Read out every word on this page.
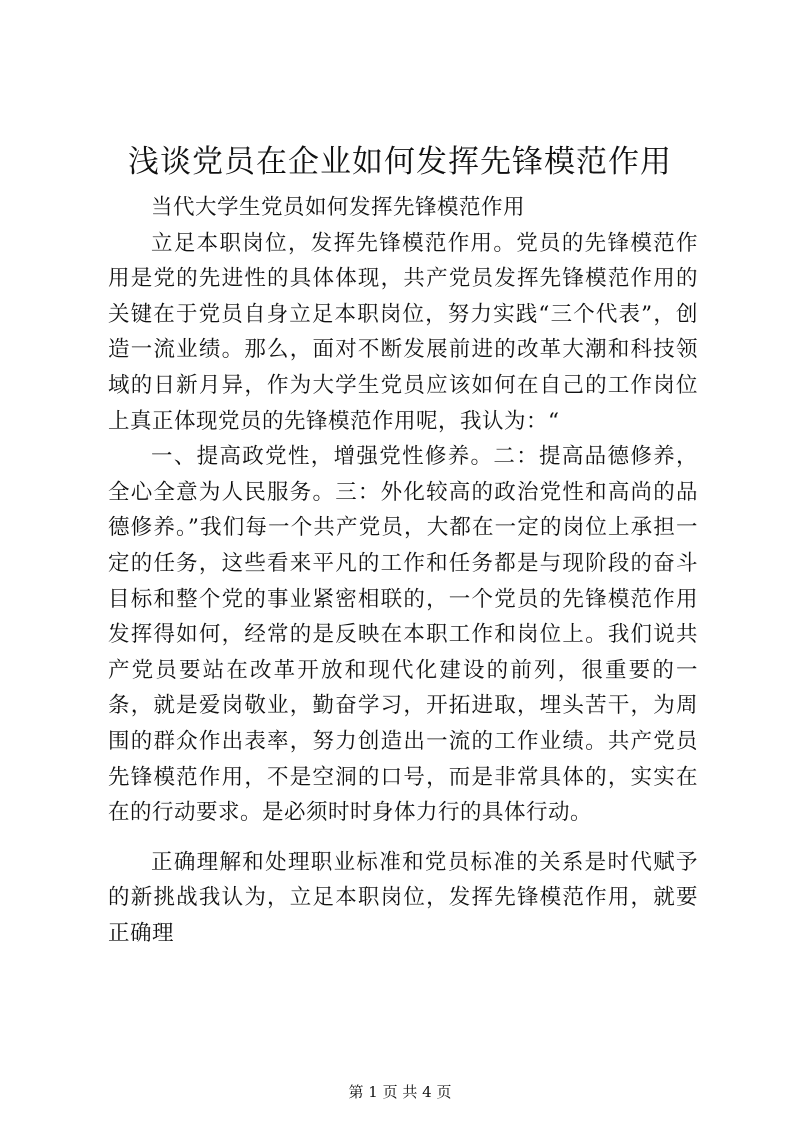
浅谈党员在企业如何发挥先锋模范作用

当代大学生党员如何发挥先锋模范作用

立足本职岗位，发挥先锋模范作用。党员的先锋模范作用是党的先进性的具体体现，共产党员发挥先锋模范作用的关键在于党员自身立足本职岗位，努力实践“三个代表”，创造一流业绩。那么，面对不断发展前进的改革大潮和科技领域的日新月异，作为大学生党员应该如何在自己的工作岗位上真正体现党员的先锋模范作用呢，我认为：“

一、提高政党性，增强党性修养。二：提高品德修养，全心全意为人民服务。三：外化较高的政治党性和高尚的品德修养。”我们每一个共产党员，大都在一定的岗位上承担一定的任务，这些看来平凡的工作和任务都是与现阶段的奋斗目标和整个党的事业紧密相联的，一个党员的先锋模范作用发挥得如何，经常的是反映在本职工作和岗位上。我们说共产党员要站在改革开放和现代化建设的前列，很重要的一条，就是爱岗敬业，勤奋学习，开拓进取，埋头苦干，为周围的群众作出表率，努力创造出一流的工作业绩。共产党员先锋模范作用，不是空洞的口号，而是非常具体的，实实在在的行动要求。是必须时时身体力行的具体行动。

正确理解和处理职业标准和党员标准的关系是时代赋予的新挑战我认为，立足本职岗位，发挥先锋模范作用，就要正确理

第 1 页 共 4 页
